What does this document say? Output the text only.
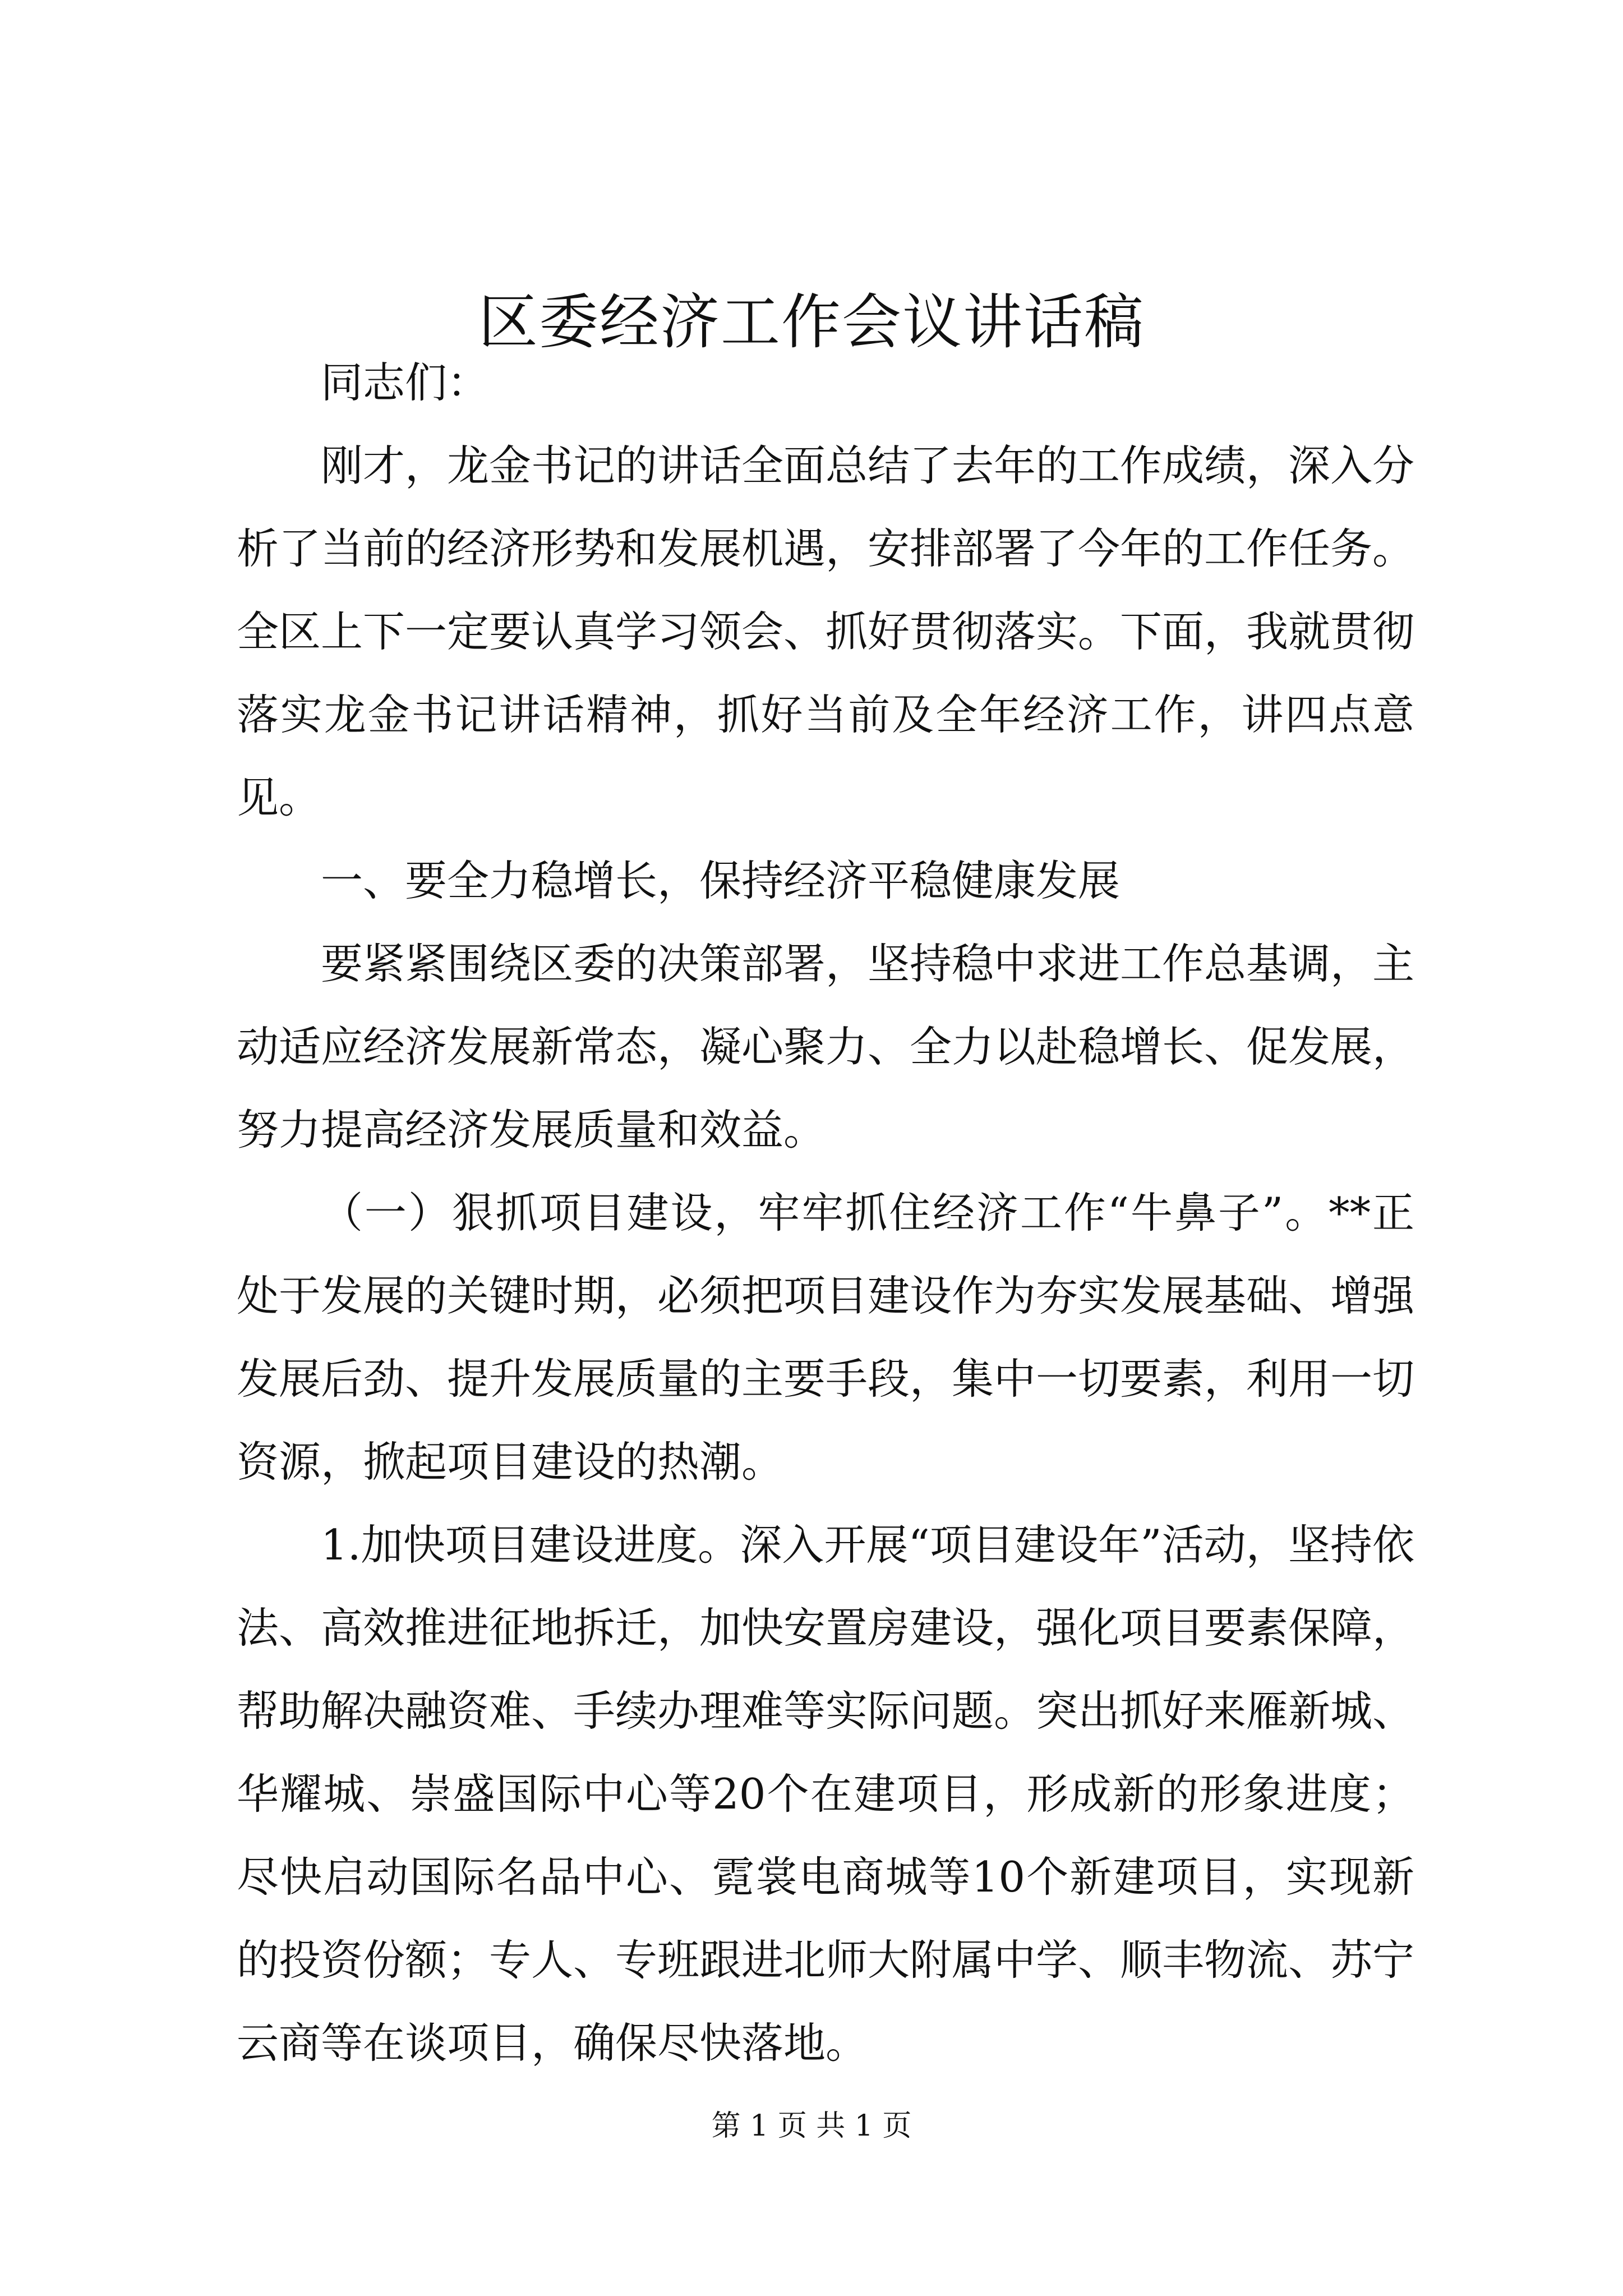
区委经济工作会议讲话稿

同志们：

刚才，龙金书记的讲话全面总结了去年的工作成绩，深入分析了当前的经济形势和发展机遇，安排部署了今年的工作任务。全区上下一定要认真学习领会、抓好贯彻落实。下面，我就贯彻落实龙金书记讲话精神，抓好当前及全年经济工作，讲四点意见。

一、要全力稳增长，保持经济平稳健康发展

要紧紧围绕区委的决策部署，坚持稳中求进工作总基调，主动适应经济发展新常态，凝心聚力、全力以赴稳增长、促发展，努力提高经济发展质量和效益。

（一）狠抓项目建设，牢牢抓住经济工作“牛鼻子”。**正处于发展的关键时期，必须把项目建设作为夯实发展基础、增强发展后劲、提升发展质量的主要手段，集中一切要素，利用一切资源，掀起项目建设的热潮。

1.加快项目建设进度。深入开展“项目建设年”活动，坚持依法、高效推进征地拆迁，加快安置房建设，强化项目要素保障，帮助解决融资难、手续办理难等实际问题。突出抓好来雁新城、华耀城、崇盛国际中心等20个在建项目，形成新的形象进度；尽快启动国际名品中心、霓裳电商城等10个新建项目，实现新的投资份额；专人、专班跟进北师大附属中学、顺丰物流、苏宁云商等在谈项目，确保尽快落地。

第 1 页 共 1 页
